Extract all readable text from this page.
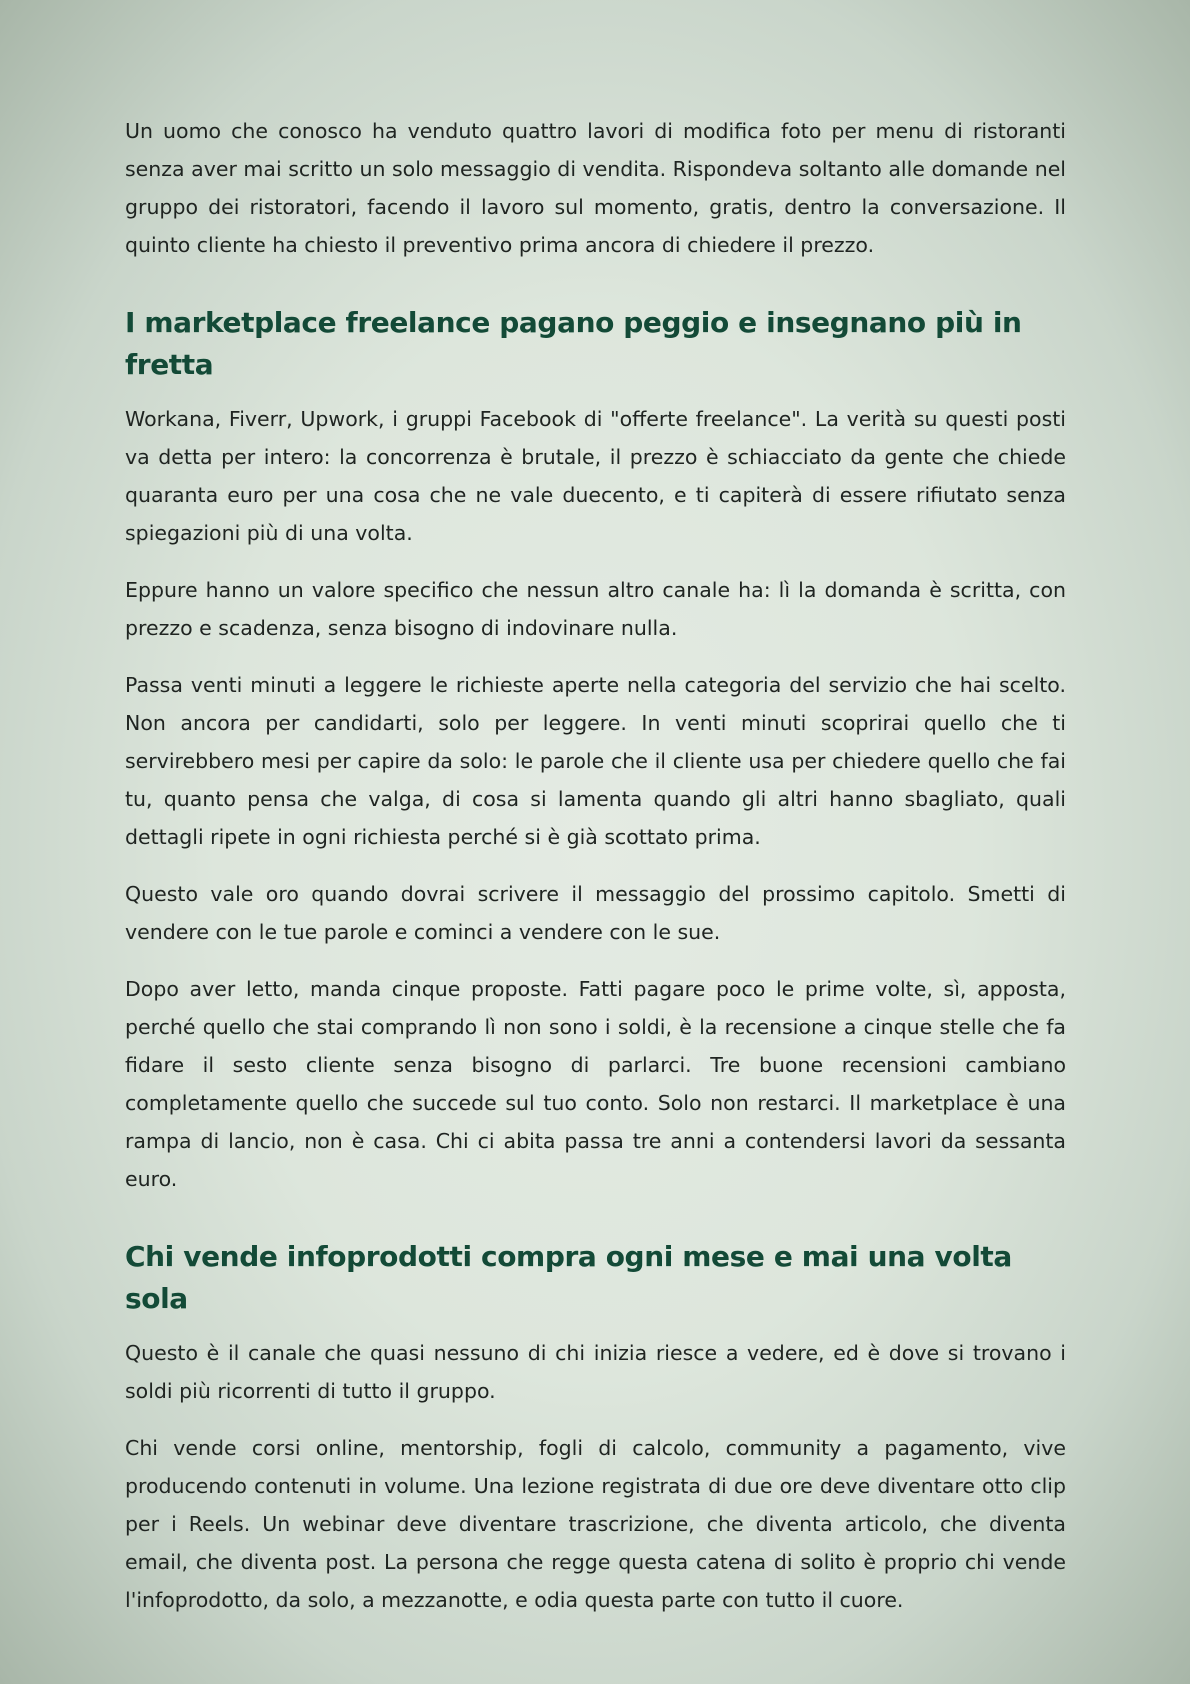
Un uomo che conosco ha venduto quattro lavori di modifica foto per menu di ristoranti senza aver mai scritto un solo messaggio di vendita. Rispondeva soltanto alle domande nel gruppo dei ristoratori, facendo il lavoro sul momento, gratis, dentro la conversazione. Il quinto cliente ha chiesto il preventivo prima ancora di chiedere il prezzo.

I marketplace freelance pagano peggio e insegnano più in fretta

Workana, Fiverr, Upwork, i gruppi Facebook di "offerte freelance". La verità su questi posti va detta per intero: la concorrenza è brutale, il prezzo è schiacciato da gente che chiede quaranta euro per una cosa che ne vale duecento, e ti capiterà di essere rifiutato senza spiegazioni più di una volta.

Eppure hanno un valore specifico che nessun altro canale ha: lì la domanda è scritta, con prezzo e scadenza, senza bisogno di indovinare nulla.

Passa venti minuti a leggere le richieste aperte nella categoria del servizio che hai scelto. Non ancora per candidarti, solo per leggere. In venti minuti scoprirai quello che ti servirebbero mesi per capire da solo: le parole che il cliente usa per chiedere quello che fai tu, quanto pensa che valga, di cosa si lamenta quando gli altri hanno sbagliato, quali dettagli ripete in ogni richiesta perché si è già scottato prima.

Questo vale oro quando dovrai scrivere il messaggio del prossimo capitolo. Smetti di vendere con le tue parole e cominci a vendere con le sue.

Dopo aver letto, manda cinque proposte. Fatti pagare poco le prime volte, sì, apposta, perché quello che stai comprando lì non sono i soldi, è la recensione a cinque stelle che fa fidare il sesto cliente senza bisogno di parlarci. Tre buone recensioni cambiano completamente quello che succede sul tuo conto. Solo non restarci. Il marketplace è una rampa di lancio, non è casa. Chi ci abita passa tre anni a contendersi lavori da sessanta euro.

Chi vende infoprodotti compra ogni mese e mai una volta sola

Questo è il canale che quasi nessuno di chi inizia riesce a vedere, ed è dove si trovano i soldi più ricorrenti di tutto il gruppo.

Chi vende corsi online, mentorship, fogli di calcolo, community a pagamento, vive producendo contenuti in volume. Una lezione registrata di due ore deve diventare otto clip per i Reels. Un webinar deve diventare trascrizione, che diventa articolo, che diventa email, che diventa post. La persona che regge questa catena di solito è proprio chi vende l'infoprodotto, da solo, a mezzanotte, e odia questa parte con tutto il cuore.
